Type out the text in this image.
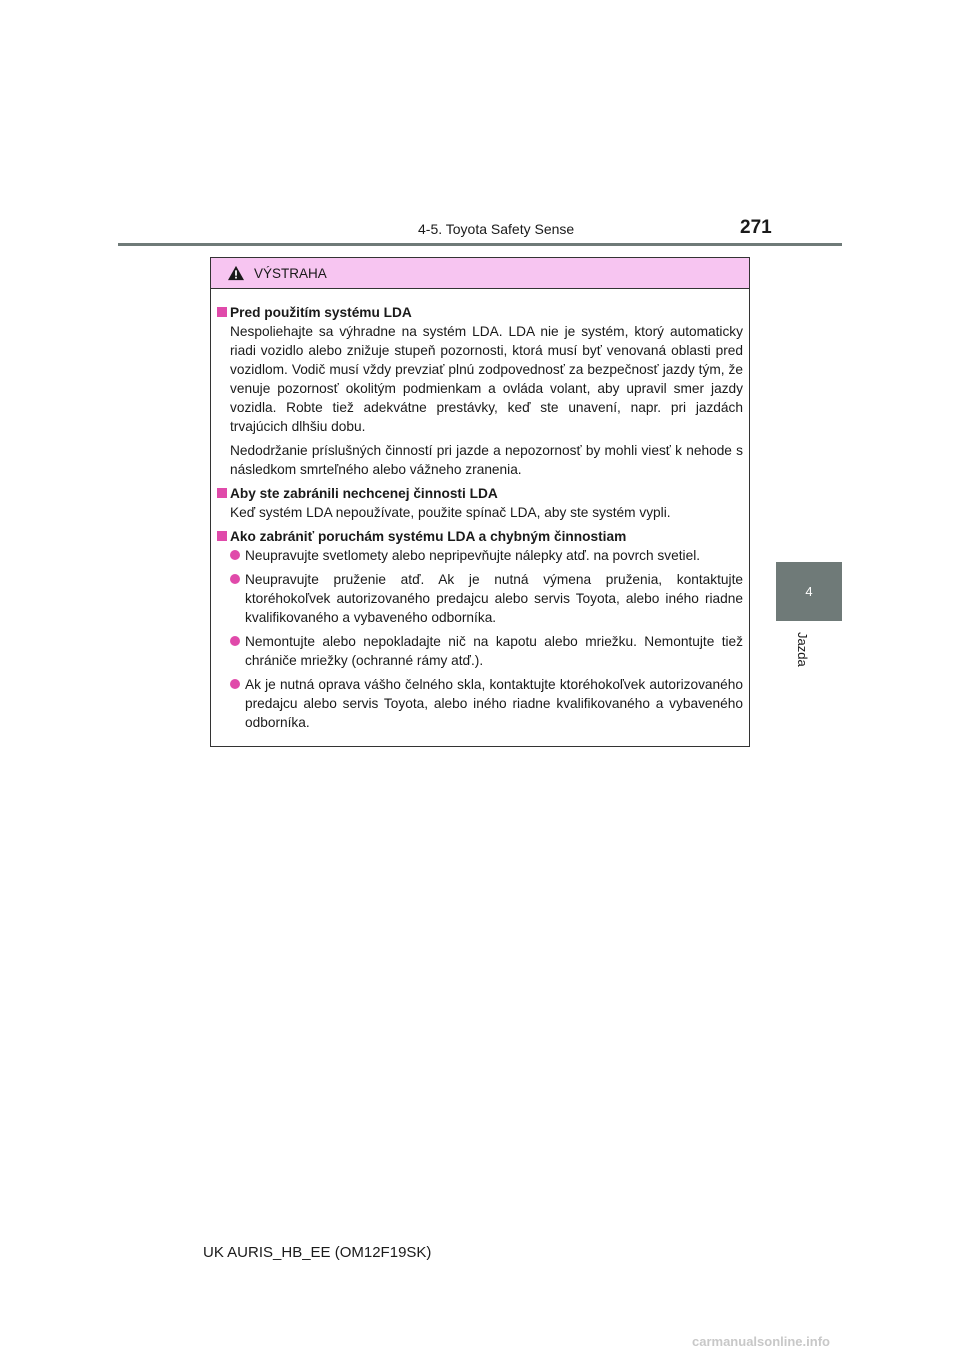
4-5. Toyota Safety Sense	271
4
Jazda
VÝSTRAHA
Pred použitím systému LDA

Nespoliehajte sa výhradne na systém LDA. LDA nie je systém, ktorý automaticky riadi vozidlo alebo znižuje stupeň pozornosti, ktorá musí byť venovaná oblasti pred vozidlom. Vodič musí vždy prevziať plnú zodpovednosť za bezpečnosť jazdy tým, že venuje pozornosť okolitým podmienkam a ovláda volant, aby upravil smer jazdy vozidla. Robte tiež adekvátne prestávky, keď ste unavení, napr. pri jazdách trvajúcich dlhšiu dobu.

Nedodržanie príslušných činností pri jazde a nepozornosť by mohli viesť k nehode s následkom smrteľného alebo vážneho zranenia.

Aby ste zabránili nechcenej činnosti LDA

Keď systém LDA nepoužívate, použite spínač LDA, aby ste systém vypli.

Ako zabrániť poruchám systému LDA a chybným činnostiam
Neupravujte svetlomety alebo nepripevňujte nálepky atď. na povrch svetiel.
Neupravujte pruženie atď. Ak je nutná výmena pruženia, kontaktujte ktoréhokoľvek autorizovaného predajcu alebo servis Toyota, alebo iného riadne kvalifikovaného a vybaveného odborníka.
Nemontujte alebo nepokladajte nič na kapotu alebo mriežku. Nemontujte tiež chrániče mriežky (ochranné rámy atď.).
Ak je nutná oprava vášho čelného skla, kontaktujte ktoréhokoľvek autorizovaného predajcu alebo servis Toyota, alebo iného riadne kvalifikovaného a vybaveného odborníka.
UK AURIS_HB_EE (OM12F19SK)
carmanualsonline.info
